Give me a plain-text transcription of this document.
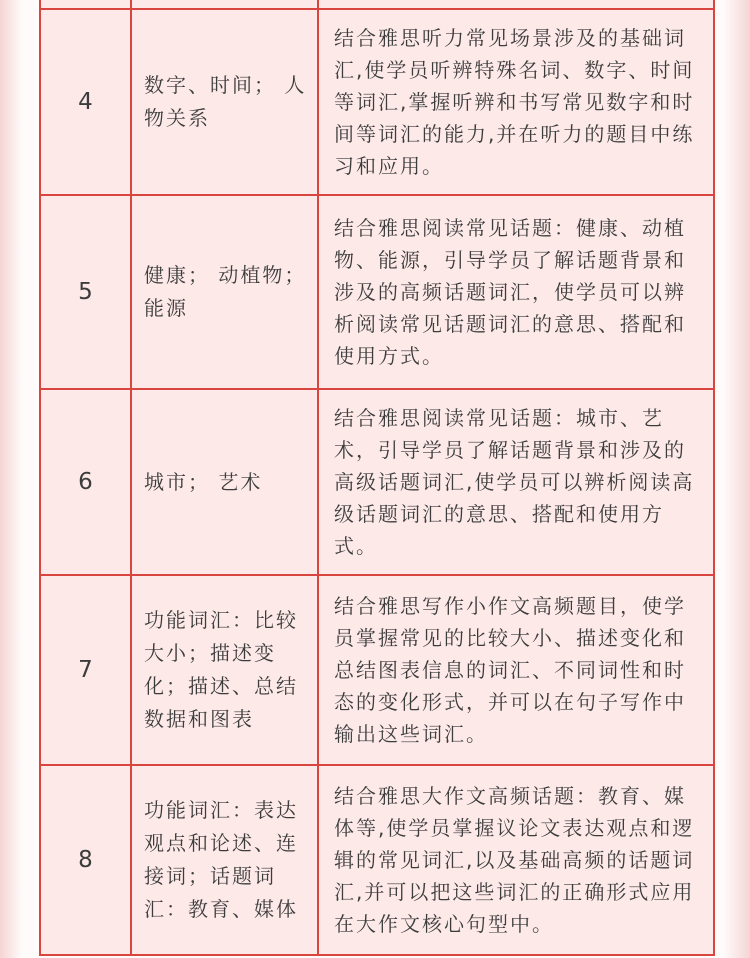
4	数字、时间； 人物关系	结合雅思听力常见场景涉及的基础词汇,使学员听辨特殊名词、数字、时间等词汇,掌握听辨和书写常见数字和时间等词汇的能力,并在听力的题目中练习和应用。
5	健康； 动植物；能源	结合雅思阅读常见话题：健康、动植物、能源，引导学员了解话题背景和涉及的高频话题词汇，使学员可以辨析阅读常见话题词汇的意思、搭配和使用方式。
6	城市； 艺术	结合雅思阅读常见话题：城市、艺术，引导学员了解话题背景和涉及的高级话题词汇,使学员可以辨析阅读高级话题词汇的意思、搭配和使用方式。
7	功能词汇：比较大小；描述变化；描述、总结数据和图表	结合雅思写作小作文高频题目，使学员掌握常见的比较大小、描述变化和总结图表信息的词汇、不同词性和时态的变化形式，并可以在句子写作中输出这些词汇。
8	功能词汇：表达观点和论述、连接词；话题词汇：教育、媒体	结合雅思大作文高频话题：教育、媒体等,使学员掌握议论文表达观点和逻辑的常见词汇,以及基础高频的话题词汇,并可以把这些词汇的正确形式应用在大作文核心句型中。
